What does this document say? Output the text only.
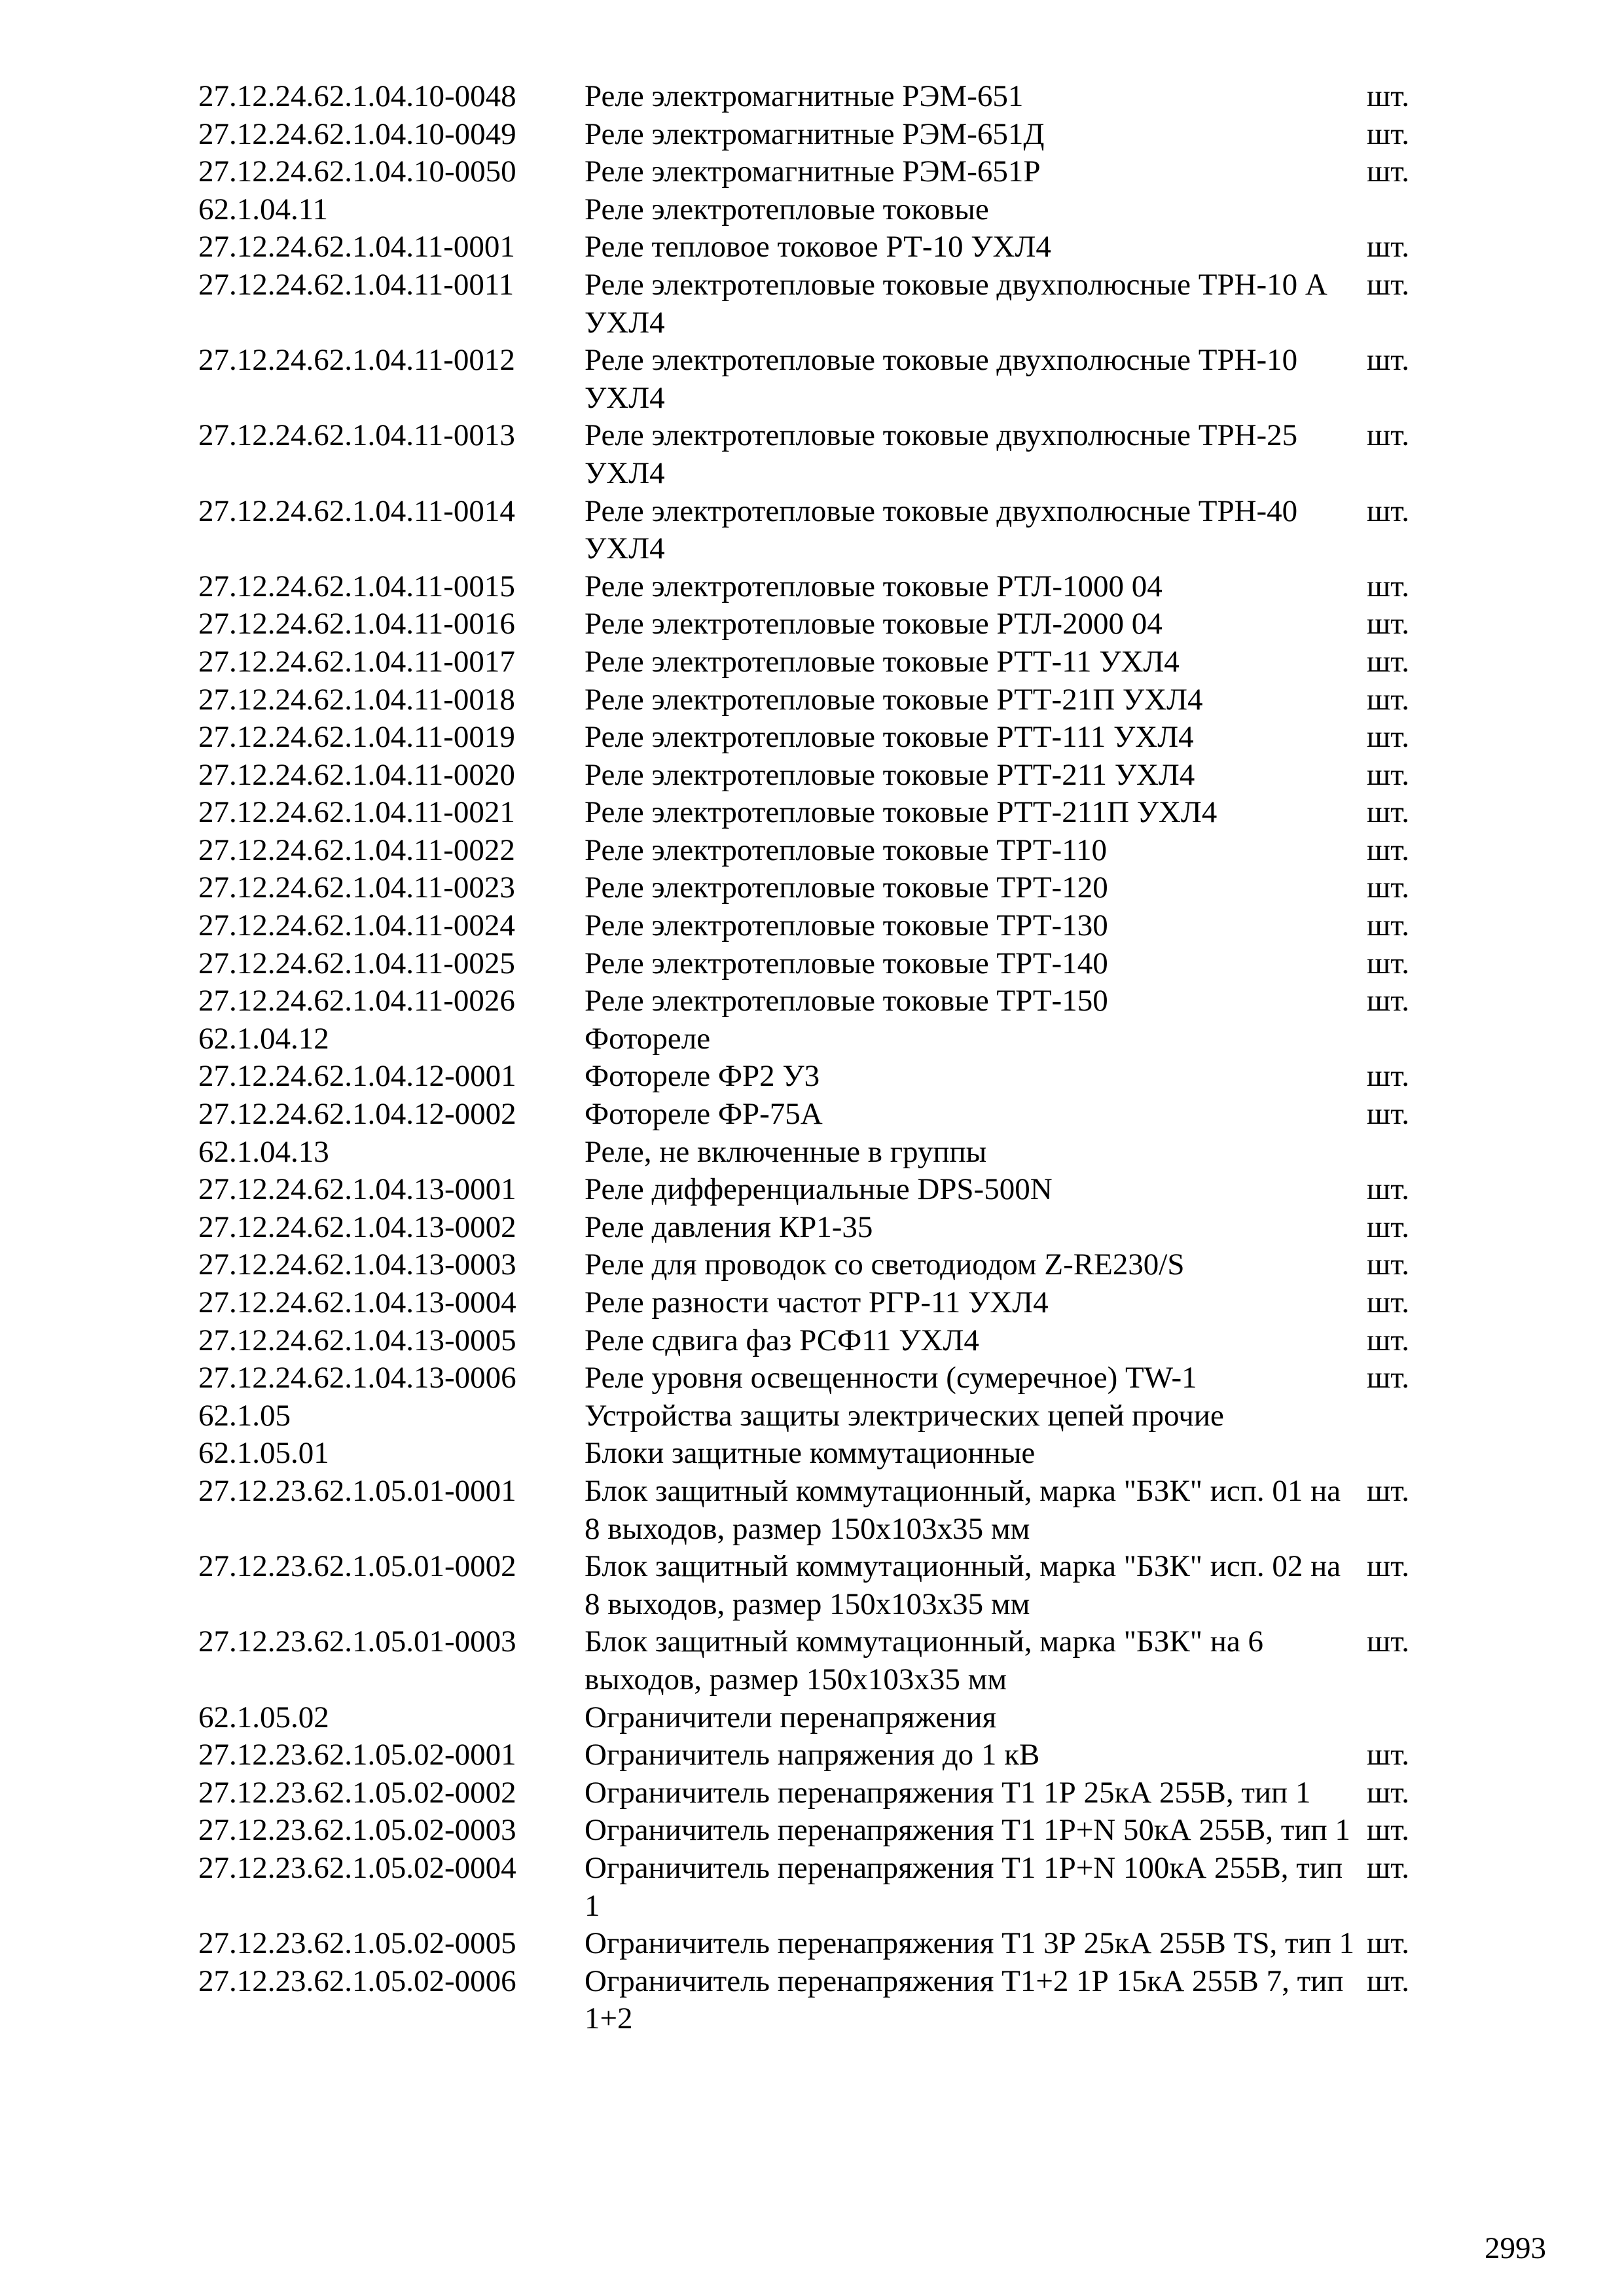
27.12.24.62.1.04.10-0048	Реле электромагнитные РЭМ-651	шт.
27.12.24.62.1.04.10-0049	Реле электромагнитные РЭМ-651Д	шт.
27.12.24.62.1.04.10-0050	Реле электромагнитные РЭМ-651Р	шт.
62.1.04.11	Реле электротепловые токовые	
27.12.24.62.1.04.11-0001	Реле тепловое токовое РТ-10 УХЛ4	шт.
27.12.24.62.1.04.11-0011	Реле электротепловые токовые двухполюсные ТРН-10 А УХЛ4	шт.
27.12.24.62.1.04.11-0012	Реле электротепловые токовые двухполюсные ТРН-10 УХЛ4	шт.
27.12.24.62.1.04.11-0013	Реле электротепловые токовые двухполюсные ТРН-25 УХЛ4	шт.
27.12.24.62.1.04.11-0014	Реле электротепловые токовые двухполюсные ТРН-40 УХЛ4	шт.
27.12.24.62.1.04.11-0015	Реле электротепловые токовые РТЛ-1000 04	шт.
27.12.24.62.1.04.11-0016	Реле электротепловые токовые РТЛ-2000 04	шт.
27.12.24.62.1.04.11-0017	Реле электротепловые токовые РТТ-11 УХЛ4	шт.
27.12.24.62.1.04.11-0018	Реле электротепловые токовые РТТ-21П УХЛ4	шт.
27.12.24.62.1.04.11-0019	Реле электротепловые токовые РТТ-111 УХЛ4	шт.
27.12.24.62.1.04.11-0020	Реле электротепловые токовые РТТ-211 УХЛ4	шт.
27.12.24.62.1.04.11-0021	Реле электротепловые токовые РТТ-211П УХЛ4	шт.
27.12.24.62.1.04.11-0022	Реле электротепловые токовые ТРТ-110	шт.
27.12.24.62.1.04.11-0023	Реле электротепловые токовые ТРТ-120	шт.
27.12.24.62.1.04.11-0024	Реле электротепловые токовые ТРТ-130	шт.
27.12.24.62.1.04.11-0025	Реле электротепловые токовые ТРТ-140	шт.
27.12.24.62.1.04.11-0026	Реле электротепловые токовые ТРТ-150	шт.
62.1.04.12	Фотореле	
27.12.24.62.1.04.12-0001	Фотореле ФР2 У3	шт.
27.12.24.62.1.04.12-0002	Фотореле ФР-75А	шт.
62.1.04.13	Реле, не включенные в группы	
27.12.24.62.1.04.13-0001	Реле дифференциальные DPS-500N	шт.
27.12.24.62.1.04.13-0002	Реле давления КР1-35	шт.
27.12.24.62.1.04.13-0003	Реле для проводок со светодиодом Z-RE230/S	шт.
27.12.24.62.1.04.13-0004	Реле разности частот РГР-11 УХЛ4	шт.
27.12.24.62.1.04.13-0005	Реле сдвига фаз РСФ11 УХЛ4	шт.
27.12.24.62.1.04.13-0006	Реле уровня освещенности (сумеречное) TW-1	шт.
62.1.05	Устройства защиты электрических цепей прочие	
62.1.05.01	Блоки защитные коммутационные	
27.12.23.62.1.05.01-0001	Блок защитный коммутационный, марка "БЗК" исп. 01 на 8 выходов, размер 150х103х35 мм	шт.
27.12.23.62.1.05.01-0002	Блок защитный коммутационный, марка "БЗК" исп. 02 на 8 выходов, размер 150х103х35 мм	шт.
27.12.23.62.1.05.01-0003	Блок защитный коммутационный, марка "БЗК" на 6 выходов, размер 150х103х35 мм	шт.
62.1.05.02	Ограничители перенапряжения	
27.12.23.62.1.05.02-0001	Ограничитель напряжения до 1 кВ	шт.
27.12.23.62.1.05.02-0002	Ограничитель перенапряжения Т1 1Р 25кА 255В, тип 1	шт.
27.12.23.62.1.05.02-0003	Ограничитель перенапряжения Т1 1Р+N 50кА 255В, тип 1	шт.
27.12.23.62.1.05.02-0004	Ограничитель перенапряжения Т1 1Р+N 100кА 255В, тип 1	шт.
27.12.23.62.1.05.02-0005	Ограничитель перенапряжения Т1 3Р 25кА 255В TS, тип 1	шт.
27.12.23.62.1.05.02-0006	Ограничитель перенапряжения Т1+2 1Р 15кА 255В 7, тип 1+2	шт.
2993
